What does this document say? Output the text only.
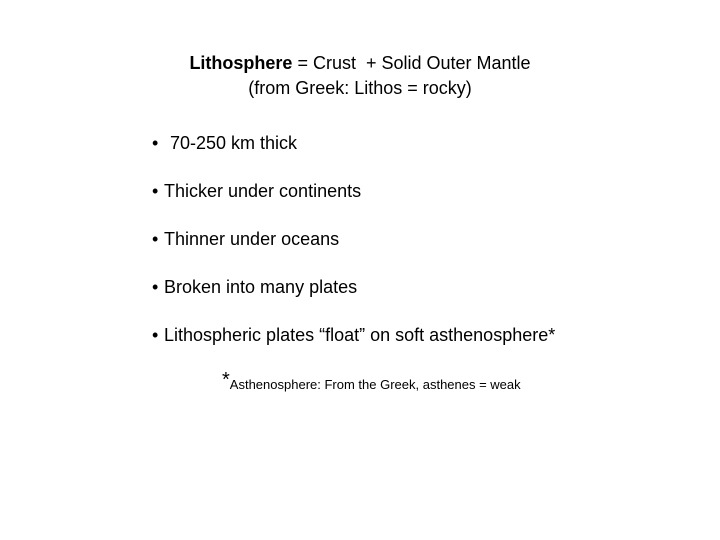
Lithosphere = Crust  + Solid Outer Mantle
(from Greek: Lithos = rocky)
• 70-250 km thick
• Thicker under continents
• Thinner under oceans
• Broken into many plates
• Lithospheric plates “float” on soft asthenosphere*
*Asthenosphere: From the Greek, asthenes = weak
